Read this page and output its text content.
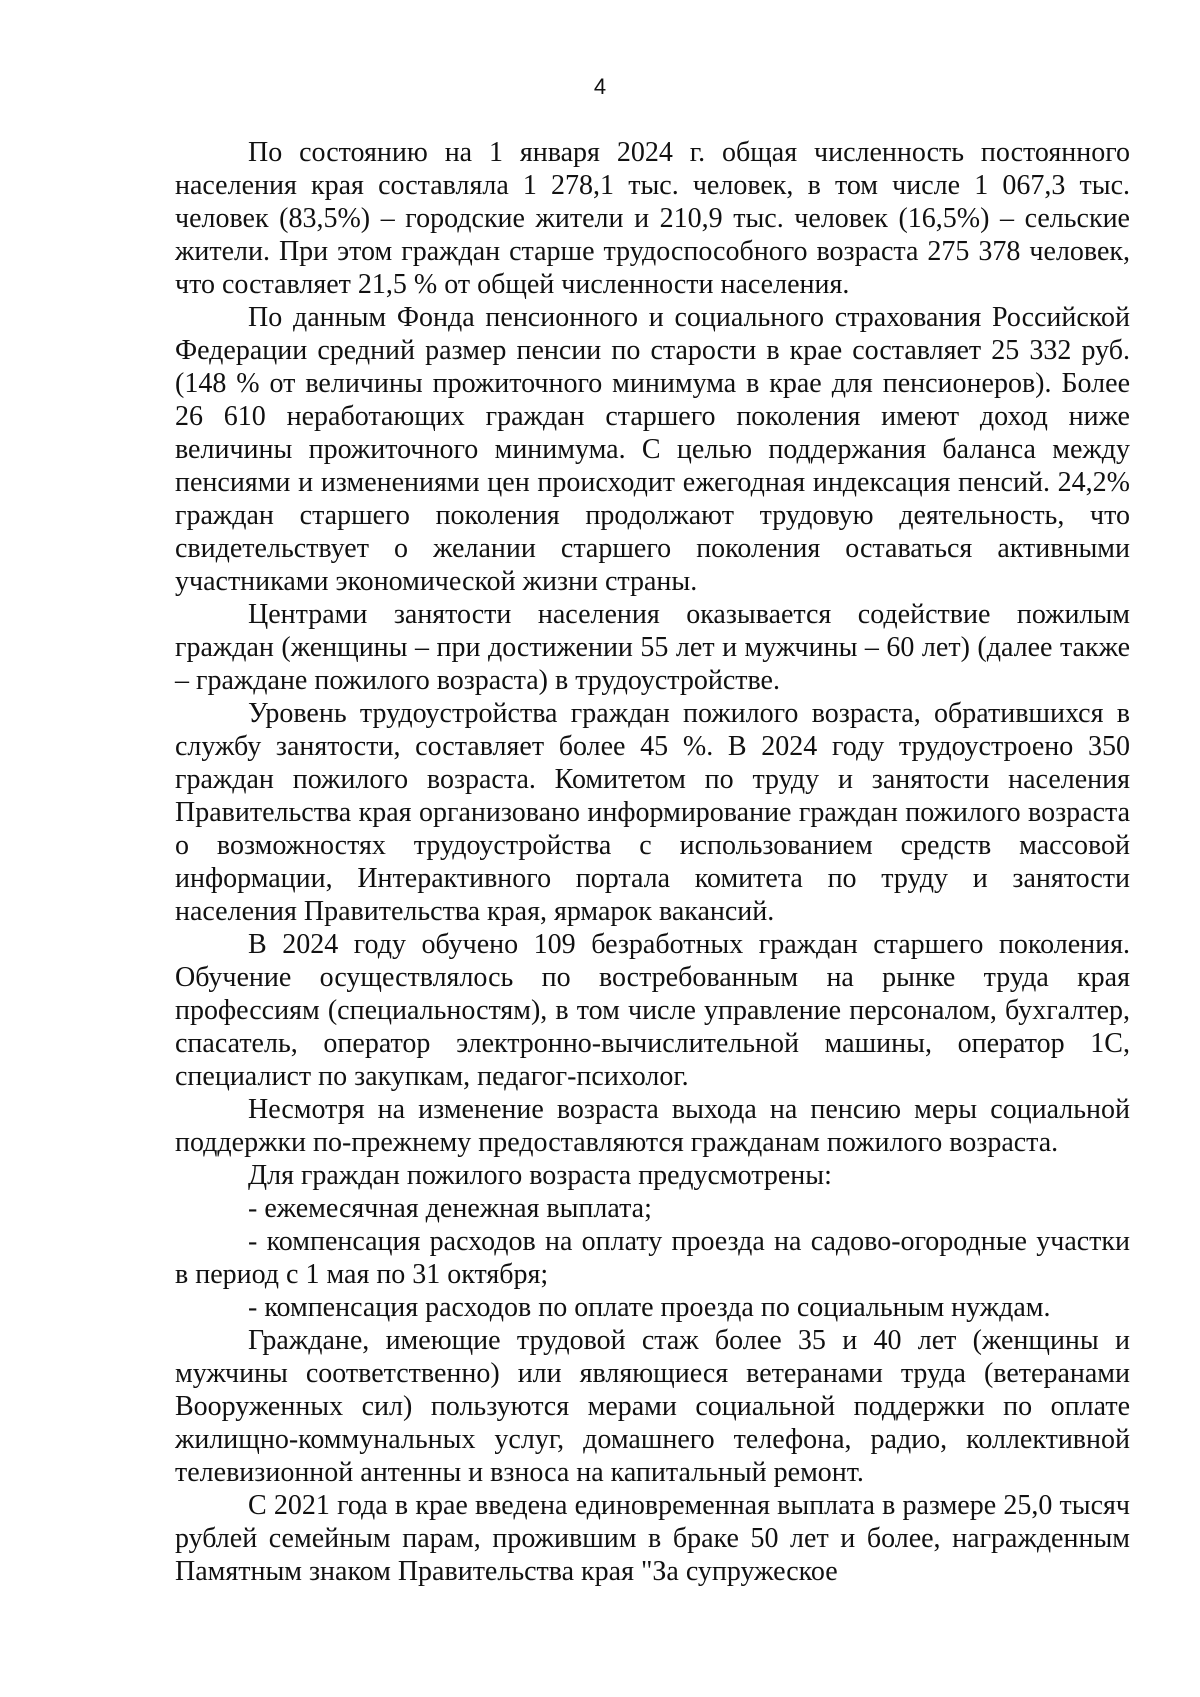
4

По состоянию на 1 января 2024 г. общая численность постоянного населения края составляла 1 278,1 тыс. человек, в том числе 1 067,3 тыс. человек (83,5%) – городские жители и 210,9 тыс. человек (16,5%) – сельские жители. При этом граждан старше трудоспособного возраста 275 378 человек, что составляет 21,5 % от общей численности населения.

По данным Фонда пенсионного и социального страхования Российской Федерации средний размер пенсии по старости в крае составляет 25 332 руб. (148 % от величины прожиточного минимума в крае для пенсионеров). Более 26 610 неработающих граждан старшего поколения имеют доход ниже величины прожиточного минимума. С целью поддержания баланса между пенсиями и изменениями цен происходит ежегодная индексация пенсий. 24,2% граждан старшего поколения продолжают трудовую деятельность, что свидетельствует о желании старшего поколения оставаться активными участниками экономической жизни страны.

Центрами занятости населения оказывается содействие пожилым граждан (женщины – при достижении 55 лет и мужчины – 60 лет) (далее также – граждане пожилого возраста) в трудоустройстве.

Уровень трудоустройства граждан пожилого возраста, обратившихся в службу занятости, составляет более 45 %. В 2024 году трудоустроено 350 граждан пожилого возраста. Комитетом по труду и занятости населения Правительства края организовано информирование граждан пожилого возраста о возможностях трудоустройства с использованием средств массовой информации, Интерактивного портала комитета по труду и занятости населения Правительства края, ярмарок вакансий.

В 2024 году обучено 109 безработных граждан старшего поколения. Обучение осуществлялось по востребованным на рынке труда края профессиям (специальностям), в том числе управление персоналом, бухгалтер, спасатель, оператор электронно-вычислительной машины, оператор 1С, специалист по закупкам, педагог-психолог.

Несмотря на изменение возраста выхода на пенсию меры социальной поддержки по-прежнему предоставляются гражданам пожилого возраста.

Для граждан пожилого возраста предусмотрены:

- ежемесячная денежная выплата;

- компенсация расходов на оплату проезда на садово-огородные участки в период с 1 мая по 31 октября;

- компенсация расходов по оплате проезда по социальным нуждам.

Граждане, имеющие трудовой стаж более 35 и 40 лет (женщины и мужчины соответственно) или являющиеся ветеранами труда (ветеранами Вооруженных сил) пользуются мерами социальной поддержки по оплате жилищно-коммунальных услуг, домашнего телефона, радио, коллективной телевизионной антенны и взноса на капитальный ремонт.

С 2021 года в крае введена единовременная выплата в размере 25,0 тысяч рублей семейным парам, прожившим в браке 50 лет и более, награжденным Памятным знаком Правительства края "За супружеское
